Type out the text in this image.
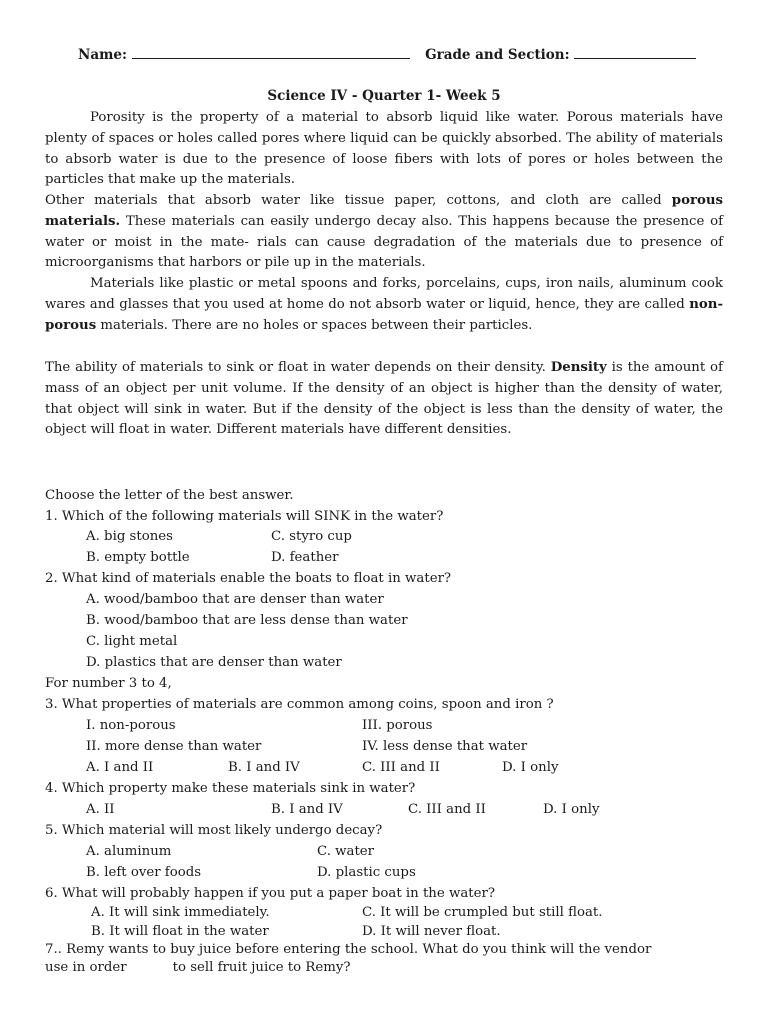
Name:	Grade and Section:
Science IV - Quarter 1- Week 5
Porosity is the property of a material to absorb liquid like water. Porous materials have plenty of spaces or holes called pores where liquid can be quickly absorbed. The ability of materials to absorb water is due to the presence of loose fibers with lots of pores or holes between the particles that make up the materials.
Other materials that absorb water like tissue paper, cottons, and cloth are called porous materials. These materials can easily undergo decay also. This happens because the presence of water or moist in the mate- rials can cause degradation of the materials due to presence of microorganisms that harbors or pile up in the materials.
Materials like plastic or metal spoons and forks, porcelains, cups, iron nails, aluminum cook wares and glasses that you used at home do not absorb water or liquid, hence, they are called non-porous materials. There are no holes or spaces between their particles.
The ability of materials to sink or float in water depends on their density. Density is the amount of mass of an object per unit volume. If the density of an object is higher than the density of water, that object will sink in water. But if the density of the object is less than the density of water, the object will float in water. Different materials have different densities.
Choose the letter of the best answer.
1. Which of the following materials will SINK in the water?
A. big stones	C. styro cup
B. empty bottle	D. feather
2. What kind of materials enable the boats to float in water?
A. wood/bamboo that are denser than water
B. wood/bamboo that are less dense than water
C. light metal
D. plastics that are denser than water
For number 3 to 4,
3. What properties of materials are common among coins, spoon and iron ?
I. non-porous	III. porous
II. more dense than water	IV. less dense that water
A. I and II	B. I and IV	C. III and II	D. I only
4. Which property make these materials sink in water?
A. II	B. I and IV	C. III and II	D. I only
5. Which material will most likely undergo decay?
A. aluminum	C. water
B. left over foods	D. plastic cups
6. What will probably happen if you put a paper boat in the water?
A. It will sink immediately.	C. It will be crumpled but still float.
B. It will float in the water	D. It will never float.
7.. Remy wants to buy juice before entering the school. What do you think will the vendor
use in order	to sell fruit juice to Remy?
